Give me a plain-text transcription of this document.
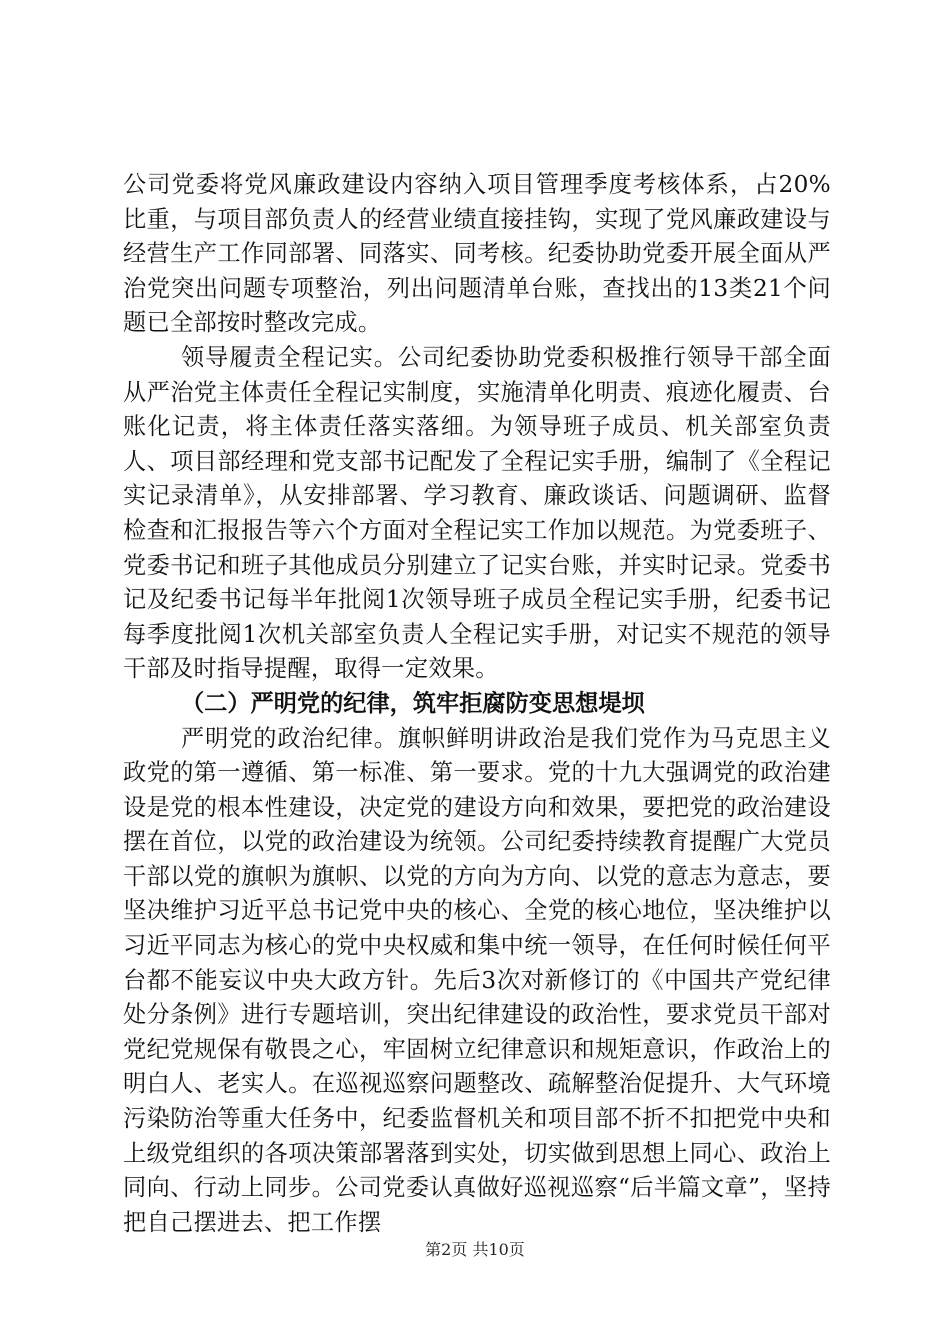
公司党委将党风廉政建设内容纳入项目管理季度考核体系，占20%比重，与项目部负责人的经营业绩直接挂钩，实现了党风廉政建设与经营生产工作同部署、同落实、同考核。纪委协助党委开展全面从严治党突出问题专项整治，列出问题清单台账，查找出的13类21个问题已全部按时整改完成。

领导履责全程记实。公司纪委协助党委积极推行领导干部全面从严治党主体责任全程记实制度，实施清单化明责、痕迹化履责、台账化记责，将主体责任落实落细。为领导班子成员、机关部室负责人、项目部经理和党支部书记配发了全程记实手册，编制了《全程记实记录清单》，从安排部署、学习教育、廉政谈话、问题调研、监督检查和汇报报告等六个方面对全程记实工作加以规范。为党委班子、党委书记和班子其他成员分别建立了记实台账，并实时记录。党委书记及纪委书记每半年批阅1次领导班子成员全程记实手册，纪委书记每季度批阅1次机关部室负责人全程记实手册，对记实不规范的领导干部及时指导提醒，取得一定效果。

（二）严明党的纪律，筑牢拒腐防变思想堤坝

严明党的政治纪律。旗帜鲜明讲政治是我们党作为马克思主义政党的第一遵循、第一标准、第一要求。党的十九大强调党的政治建设是党的根本性建设，决定党的建设方向和效果，要把党的政治建设摆在首位，以党的政治建设为统领。公司纪委持续教育提醒广大党员干部以党的旗帜为旗帜、以党的方向为方向、以党的意志为意志，要坚决维护习近平总书记党中央的核心、全党的核心地位，坚决维护以习近平同志为核心的党中央权威和集中统一领导，在任何时候任何平台都不能妄议中央大政方针。先后3次对新修订的《中国共产党纪律处分条例》进行专题培训，突出纪律建设的政治性，要求党员干部对党纪党规保有敬畏之心，牢固树立纪律意识和规矩意识，作政治上的明白人、老实人。在巡视巡察问题整改、疏解整治促提升、大气环境污染防治等重大任务中，纪委监督机关和项目部不折不扣把党中央和上级党组织的各项决策部署落到实处，切实做到思想上同心、政治上同向、行动上同步。公司党委认真做好巡视巡察“后半篇文章”，坚持把自己摆进去、把工作摆

第2页 共10页
